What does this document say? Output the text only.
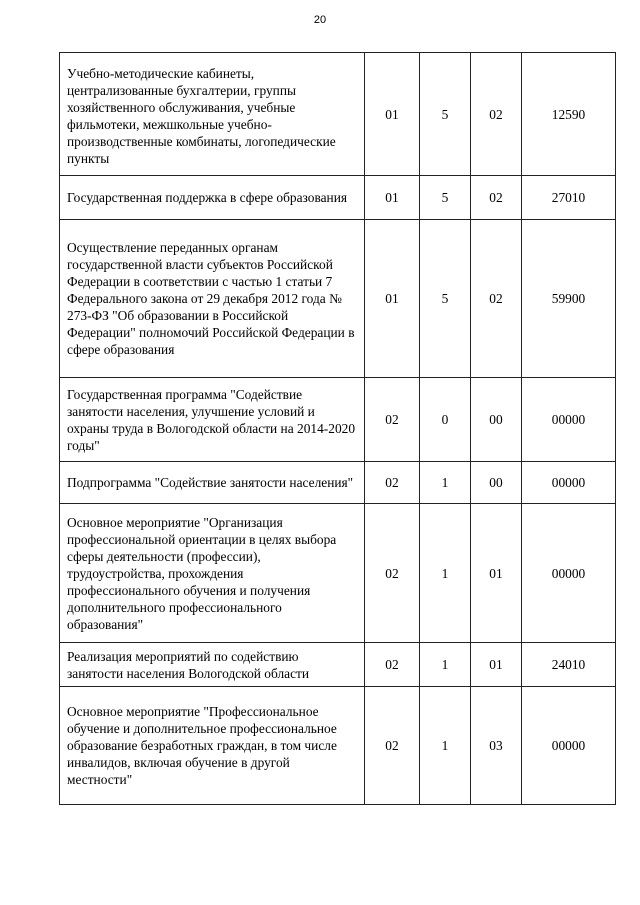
20
Учебно-методические кабинеты, централизованные бухгалтерии, группы хозяйственного обслуживания, учебные фильмотеки, межшкольные учебно-производственные комбинаты, логопедические пункты	01	5	02	12590
Государственная поддержка в сфере образования	01	5	02	27010
Осуществление переданных органам государственной власти субъектов Российской Федерации в соответствии с частью 1 статьи 7 Федерального закона от 29 декабря 2012 года № 273-ФЗ "Об образовании в Российской Федерации" полномочий Российской Федерации в сфере образования	01	5	02	59900
Государственная программа "Содействие занятости населения, улучшение условий и охраны труда в Вологодской области на 2014-2020 годы"	02	0	00	00000
Подпрограмма "Содействие занятости населения"	02	1	00	00000
Основное мероприятие "Организация профессиональной ориентации в целях выбора сферы деятельности (профессии), трудоустройства, прохождения профессионального обучения и получения дополнительного профессионального образования"	02	1	01	00000
Реализация мероприятий по содействию занятости населения Вологодской области	02	1	01	24010
Основное мероприятие "Профессиональное обучение и дополнительное профессиональное образование безработных граждан, в том числе инвалидов, включая обучение в другой местности"	02	1	03	00000
